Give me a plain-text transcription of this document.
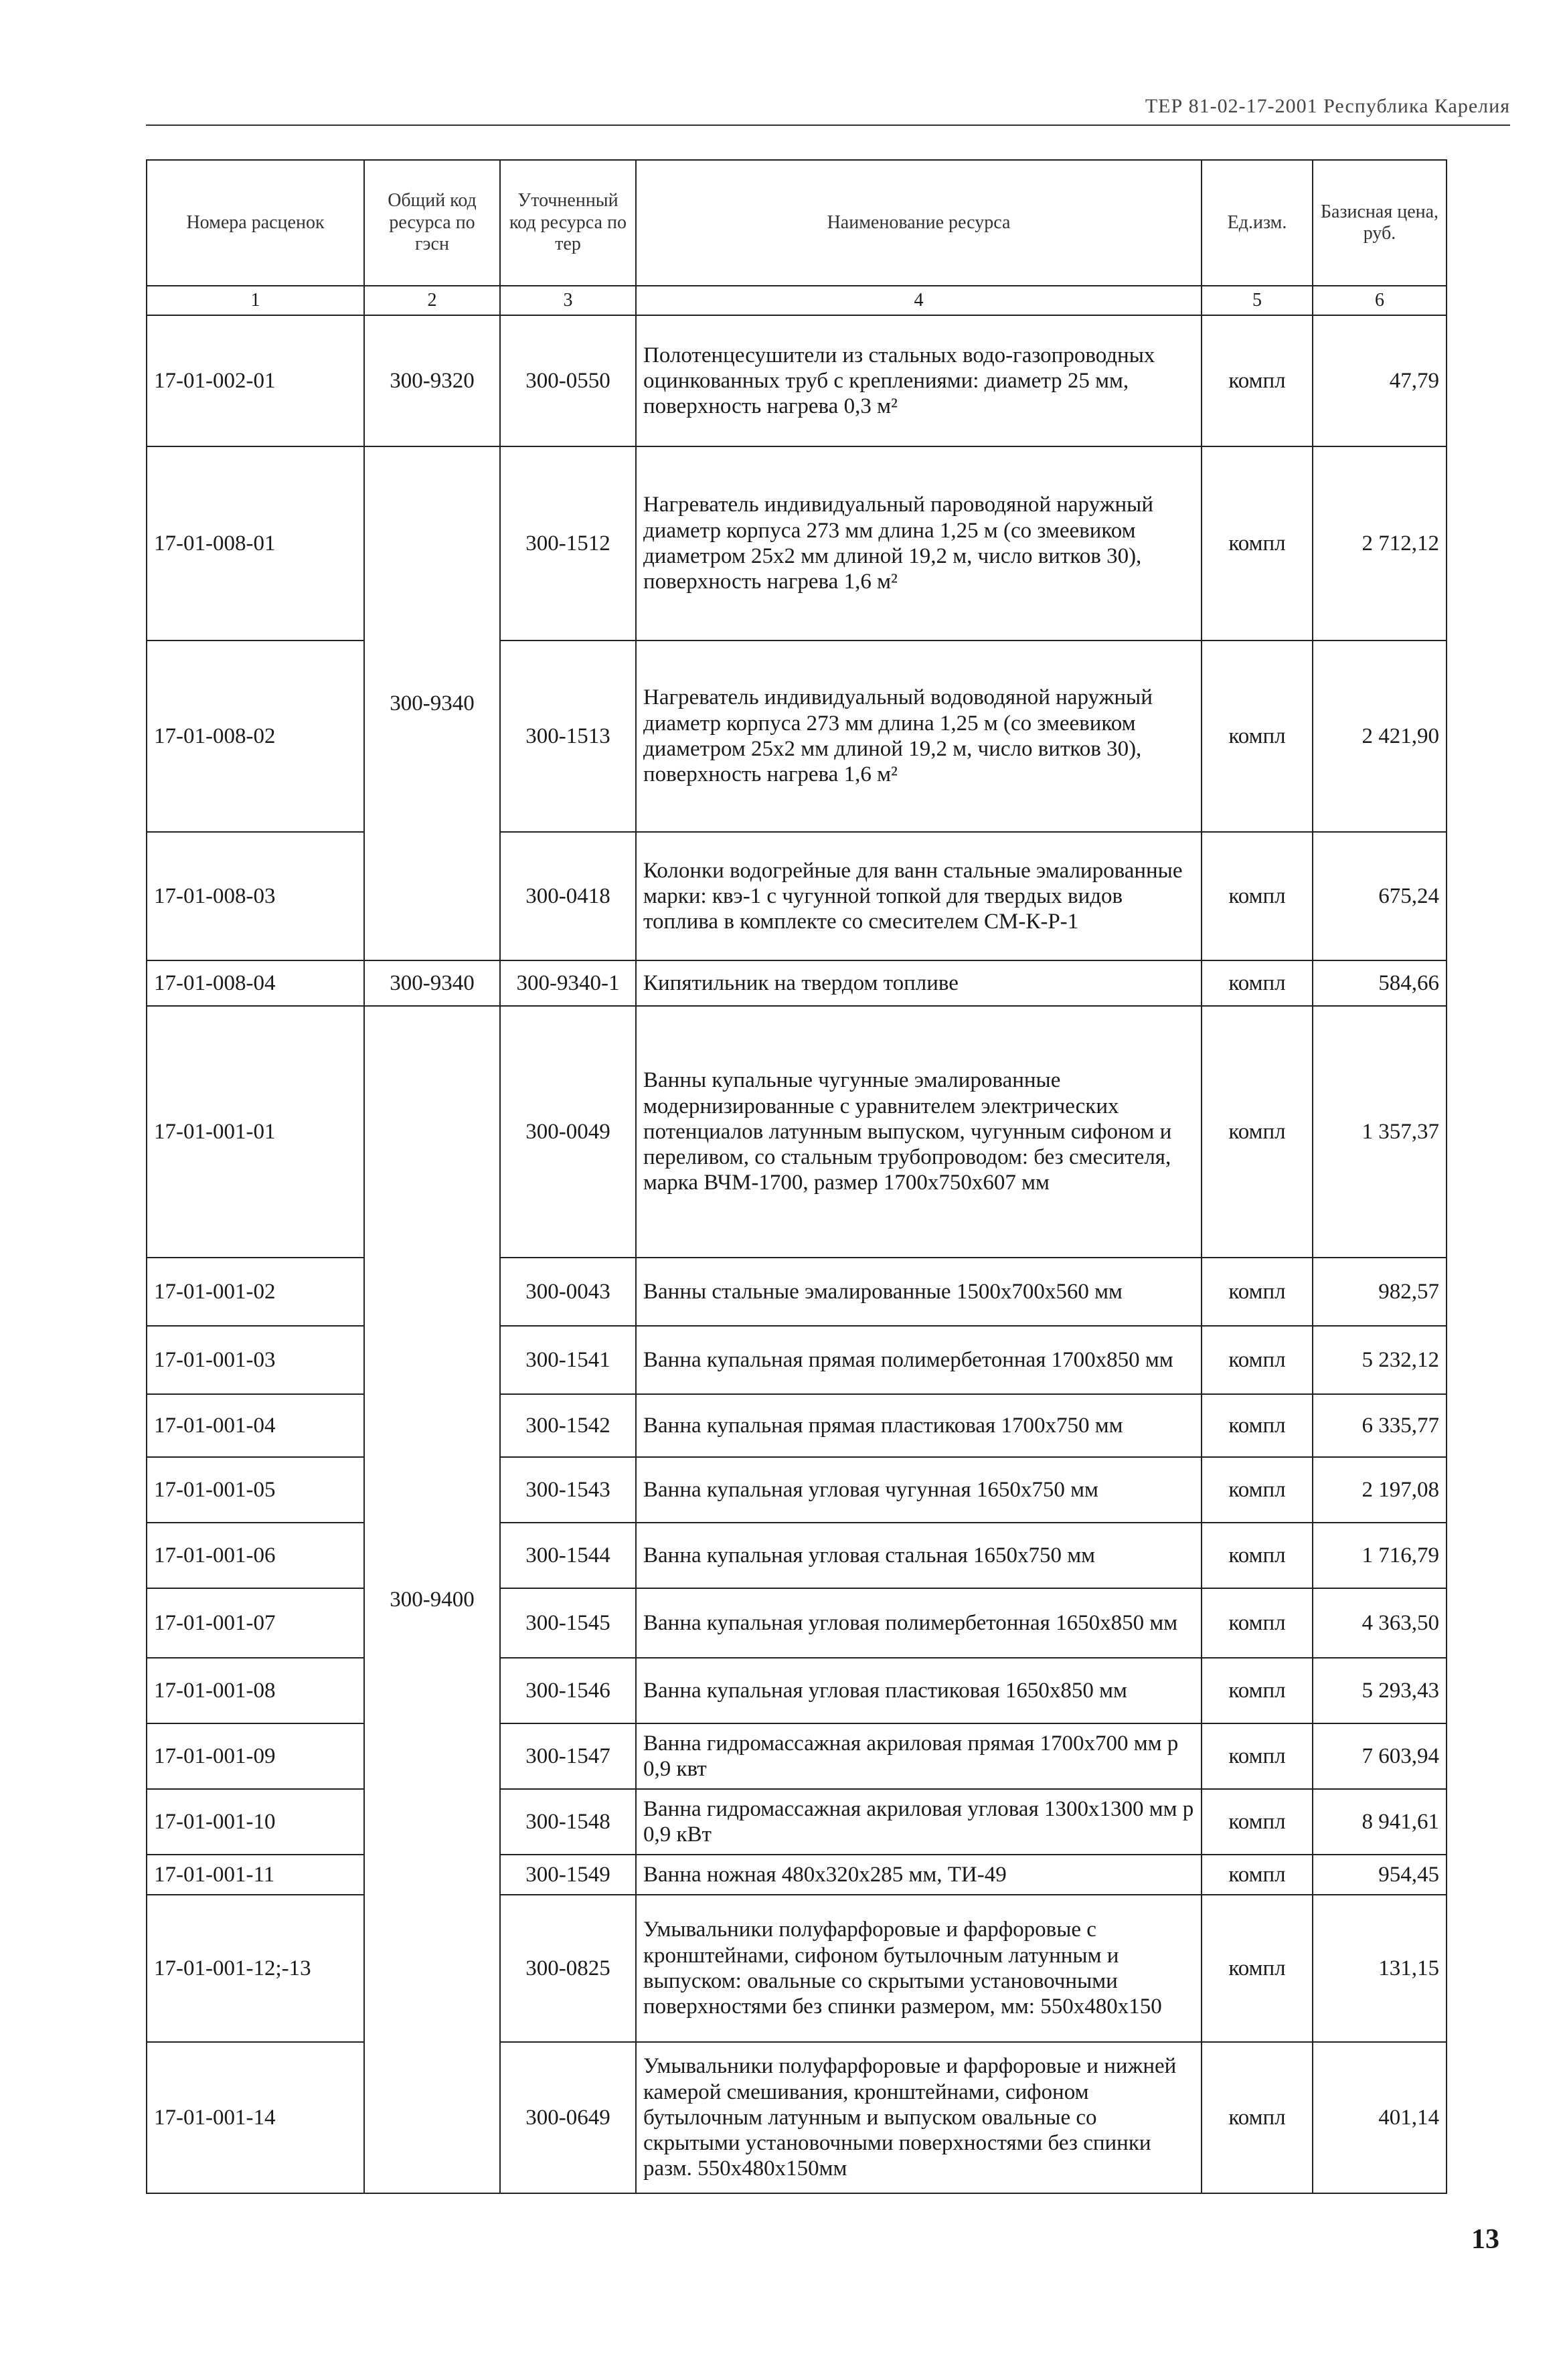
ТЕР 81-02-17-2001 Республика Карелия
Номера расценок	Общий код ресурса по гэсн	Уточненный код ресурса по тер	Наименование ресурса	Ед.изм.	Базисная цена, руб.
1	2	3	4	5	6
17-01-002-01	300-9320	300-0550	Полотенцесушители из стальных водо-газопроводных оцинкованных труб с креплениями: диаметр 25 мм, поверхность нагрева 0,3 м²	компл	47,79
17-01-008-01	300-9340	300-1512	Нагреватель индивидуальный пароводяной наружный диаметр корпуса 273 мм длина 1,25 м (со змеевиком диаметром 25х2 мм длиной 19,2 м, число витков 30), поверхность нагрева 1,6 м²	компл	2 712,12
17-01-008-02		300-1513	Нагреватель индивидуальный водоводяной наружный диаметр корпуса 273 мм длина 1,25 м (со змеевиком диаметром 25х2 мм длиной 19,2 м, число витков 30), поверхность нагрева 1,6 м²	компл	2 421,90
17-01-008-03		300-0418	Колонки водогрейные для ванн стальные эмалированные марки: квэ-1 с чугунной топкой для твердых видов топлива в комплекте со смесителем СМ-К-Р-1	компл	675,24
17-01-008-04	300-9340	300-9340-1	Кипятильник на твердом топливе	компл	584,66
17-01-001-01	300-9400	300-0049	Ванны купальные чугунные эмалированные модернизированные с уравнителем электрических потенциалов латунным выпуском, чугунным сифоном и переливом, со стальным трубопроводом: без смесителя, марка ВЧМ-1700, размер 1700х750х607 мм	компл	1 357,37
17-01-001-02		300-0043	Ванны стальные эмалированные 1500х700х560 мм	компл	982,57
17-01-001-03		300-1541	Ванна купальная прямая полимербетонная 1700х850 мм	компл	5 232,12
17-01-001-04		300-1542	Ванна купальная прямая пластиковая 1700х750 мм	компл	6 335,77
17-01-001-05		300-1543	Ванна купальная угловая чугунная 1650х750 мм	компл	2 197,08
17-01-001-06		300-1544	Ванна купальная угловая стальная 1650х750 мм	компл	1 716,79
17-01-001-07		300-1545	Ванна купальная угловая полимербетонная 1650х850 мм	компл	4 363,50
17-01-001-08		300-1546	Ванна купальная угловая пластиковая 1650х850 мм	компл	5 293,43
17-01-001-09		300-1547	Ванна гидромассажная акриловая прямая 1700х700 мм р 0,9 квт	компл	7 603,94
17-01-001-10		300-1548	Ванна гидромассажная акриловая угловая 1300х1300 мм р 0,9 кВт	компл	8 941,61
17-01-001-11		300-1549	Ванна ножная 480х320х285 мм, ТИ-49	компл	954,45
17-01-001-12;-13		300-0825	Умывальники полуфарфоровые и фарфоровые с кронштейнами, сифоном бутылочным латунным и выпуском: овальные со скрытыми установочными поверхностями без спинки размером, мм: 550х480х150	компл	131,15
17-01-001-14		300-0649	Умывальники полуфарфоровые и фарфоровые и нижней камерой смешивания, кронштейнами, сифоном бутылочным латунным и выпуском овальные со скрытыми установочными поверхностями без спинки разм. 550х480х150мм	компл	401,14
13
